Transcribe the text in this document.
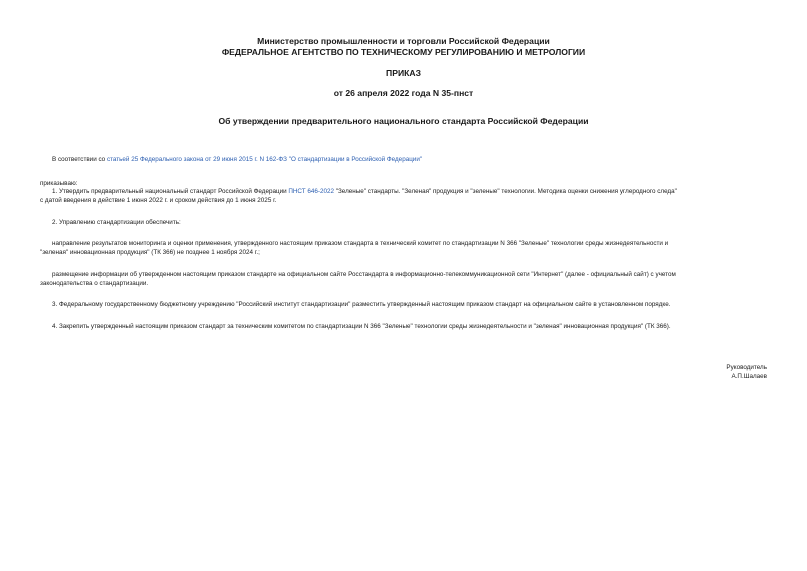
Министерство промышленности и торговли Российской Федерации
ФЕДЕРАЛЬНОЕ АГЕНТСТВО ПО ТЕХНИЧЕСКОМУ РЕГУЛИРОВАНИЮ И МЕТРОЛОГИИ
ПРИКАЗ
от 26 апреля 2022 года N 35-пнст
Об утверждении предварительного национального стандарта Российской Федерации
В соответствии со статьей 25 Федерального закона от 29 июня 2015 г. N 162-ФЗ "О стандартизации в Российской Федерации"
приказываю:
1. Утвердить предварительный национальный стандарт Российской Федерации ПНСТ 646-2022 "Зеленые" стандарты. "Зеленая" продукция и "зеленые" технологии. Методика оценки снижения углеродного следа"
с датой введения в действие 1 июня 2022 г. и сроком действия до 1 июня 2025 г.
2. Управлению стандартизации обеспечить:
направление результатов мониторинга и оценки применения, утвержденного настоящим приказом стандарта в технический комитет по стандартизации N 366 "Зеленые" технологии среды жизнедеятельности и
"зеленая" инновационная продукция" (ТК 366) не позднее 1 ноября 2024 г.;
размещение информации об утвержденном настоящим приказом стандарте на официальном сайте Росстандарта в информационно-телекоммуникационной сети "Интернет" (далее - официальный сайт) с учетом
законодательства о стандартизации.
3. Федеральному государственному бюджетному учреждению "Российский институт стандартизации" разместить утвержденный настоящим приказом стандарт на официальном сайте в установленном порядке.
4. Закрепить утвержденный настоящим приказом стандарт за техническим комитетом по стандартизации N 366 "Зеленые" технологии среды жизнедеятельности и "зеленая" инновационная продукция" (ТК 366).
Руководитель
А.П.Шалаев
